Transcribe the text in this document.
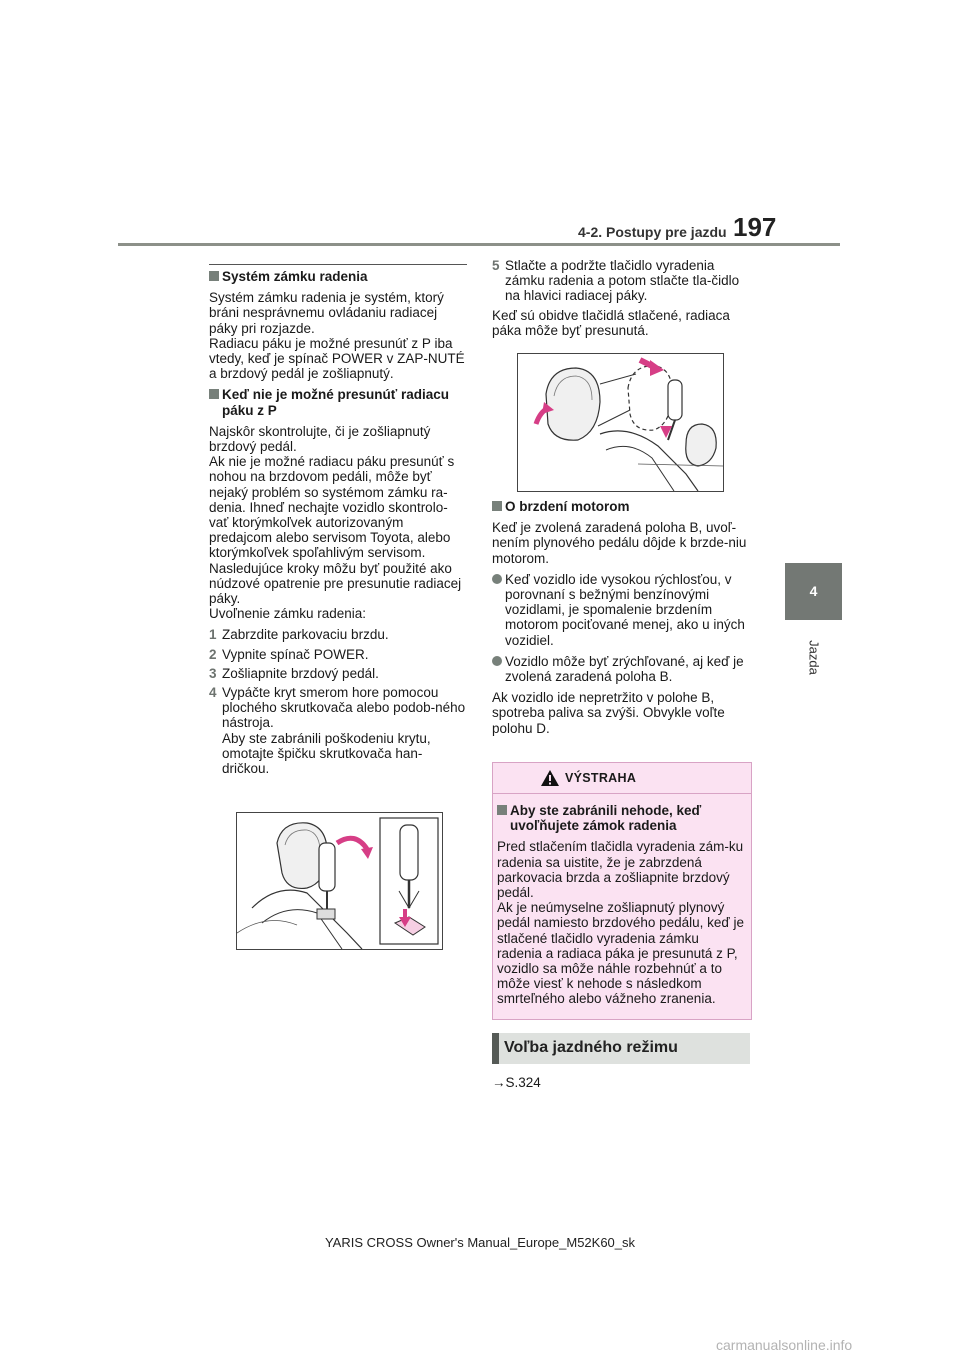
4-2. Postupy pre jazdu 197
4
Jazda
Systém zámku radenia

Systém zámku radenia je systém, ktorý bráni nesprávnemu ovládaniu radiacej páky pri rozjazde.
Radiacu páku je možné presunúť z P iba vtedy, keď je spínač POWER v ZAP-NUTÉ a brzdový pedál je zošliapnutý.

Keď nie je možné presunúť radiacu páku z P

Najskôr skontrolujte, či je zošliapnutý brzdový pedál.
Ak nie je možné radiacu páku presunúť s nohou na brzdovom pedáli, môže byť nejaký problém so systémom zámku ra-denia. Ihneď nechajte vozidlo skontrolo-vať ktorýmkoľvek autorizovaným predajcom alebo servisom Toyota, alebo ktorýmkoľvek spoľahlivým servisom.
Nasledujúce kroky môžu byť použité ako núdzové opatrenie pre presunutie radiacej páky.
Uvoľnenie zámku radenia:

1 Zabrzdite parkovaciu brzdu.
2 Vypnite spínač POWER.
3 Zošliapnite brzdový pedál.
4 Vypáčte kryt smerom hore pomocou plochého skrutkovača alebo podob-ného nástroja.
Aby ste zabránili poškodeniu krytu, omotajte špičku skrutkovača han-dričkou.
5 Stlačte a podržte tlačidlo vyradenia zámku radenia a potom stlačte tla-čidlo na hlavici radiacej páky.

Keď sú obidve tlačidlá stlačené, radiaca páka môže byť presunutá.

O brzdení motorom

Keď je zvolená zaradená poloha B, uvoľ-nením plynového pedálu dôjde k brzde-niu motorom.

Keď vozidlo ide vysokou rýchlosťou, v porovnaní s bežnými benzínovými vozidlami, je spomalenie brzdením motorom pociťované menej, ako u iných vozidiel.
Vozidlo môže byť zrýchľované, aj keď je zvolená zaradená poloha B.

Ak vozidlo ide nepretržito v polohe B, spotreba paliva sa zvýši. Obvykle voľte polohu D.

VÝSTRAHA
Aby ste zabránili nehode, keď uvoľňujete zámok radenia

Pred stlačením tlačidla vyradenia zám-ku radenia sa uistite, že je zabrzdená parkovacia brzda a zošliapnite brzdový pedál.
Ak je neúmyselne zošliapnutý plynový pedál namiesto brzdového pedálu, keď je stlačené tlačidlo vyradenia zámku radenia a radiaca páka je presunutá z P, vozidlo sa môže náhle rozbehnúť a to môže viesť k nehode s následkom smrteľného alebo vážneho zranenia.

Voľba jazdného režimu
→S.324
YARIS CROSS Owner's Manual_Europe_M52K60_sk
carmanualsonline.info
